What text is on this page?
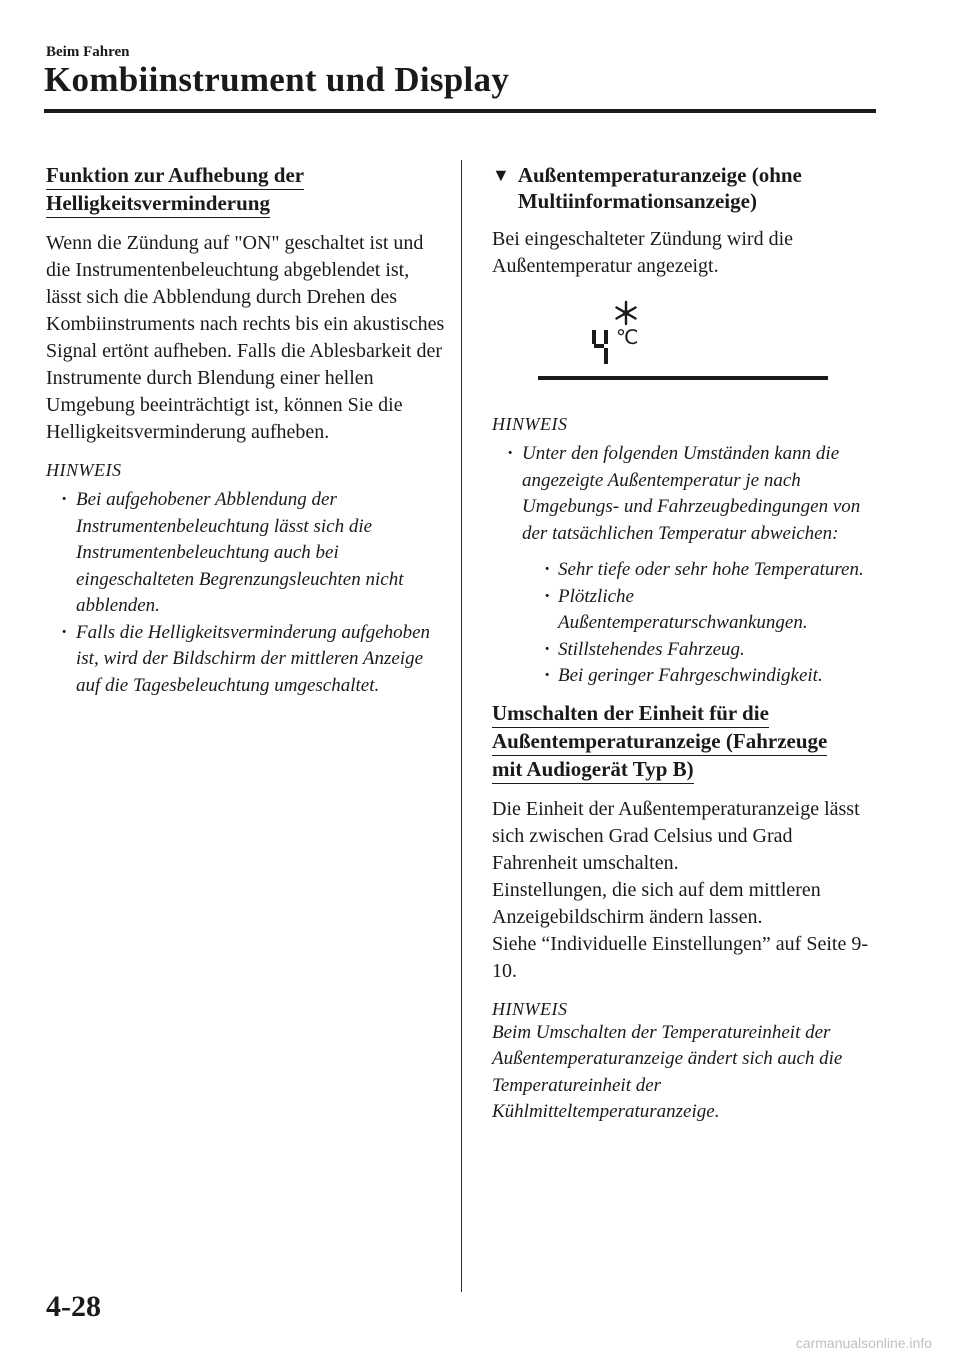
Beim Fahren
Kombiinstrument und Display
Funktion zur Aufhebung der
Helligkeitsverminderung

Wenn die Zündung auf "ON" geschaltet ist und die Instrumentenbeleuchtung abgeblendet ist, lässt sich die Abblendung durch Drehen des Kombiinstruments nach rechts bis ein akustisches Signal ertönt aufheben. Falls die Ablesbarkeit der Instrumente durch Blendung einer hellen Umgebung beeinträchtigt ist, können Sie die Helligkeitsverminderung aufheben.

HINWEIS
· Bei aufgehobener Abblendung der Instrumentenbeleuchtung lässt sich die Instrumentenbeleuchtung auch bei eingeschalteten Begrenzungsleuchten nicht abblenden.
· Falls die Helligkeitsverminderung aufgehoben ist, wird der Bildschirm der mittleren Anzeige auf die Tagesbeleuchtung umgeschaltet.
▼ Außentemperaturanzeige (ohne
Multiinformationsanzeige)

Bei eingeschalteter Zündung wird die Außentemperatur angezeigt.

℃
HINWEIS
· Unter den folgenden Umständen kann die angezeigte Außentemperatur je nach Umgebungs- und Fahrzeugbedingungen von der tatsächlichen Temperatur abweichen:
· Sehr tiefe oder sehr hohe Temperaturen.
· Plötzliche Außentemperaturschwankungen.
· Stillstehendes Fahrzeug.
· Bei geringer Fahrgeschwindigkeit.
Umschalten der Einheit für die
Außentemperaturanzeige (Fahrzeuge
mit Audiogerät Typ B)

Die Einheit der Außentemperaturanzeige lässt sich zwischen Grad Celsius und Grad Fahrenheit umschalten.

Einstellungen, die sich auf dem mittleren Anzeigebildschirm ändern lassen.

Siehe “Individuelle Einstellungen” auf Seite 9-10.

HINWEIS

Beim Umschalten der Temperatureinheit der Außentemperaturanzeige ändert sich auch die Temperatureinheit der Kühlmitteltemperaturanzeige.

4-28
carmanualsonline.info
